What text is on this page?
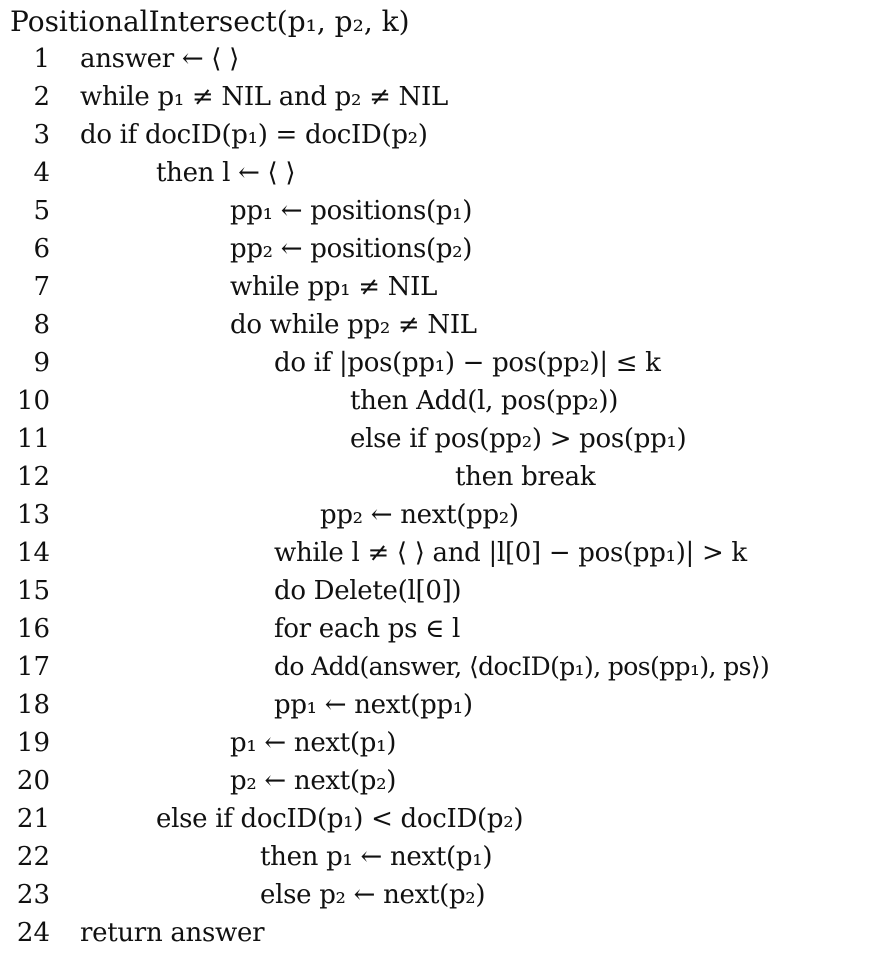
PositionalIntersect(p₁, p₂, k)
1 answer ← ⟨ ⟩
2 while p₁ ≠ NIL and p₂ ≠ NIL
3 do if docID(p₁) = docID(p₂)
4	then l ← ⟨ ⟩
5	pp₁ ← positions(p₁)
6	pp₂ ← positions(p₂)
7	while pp₁ ≠ NIL
8	do while pp₂ ≠ NIL
9	do if |pos(pp₁) − pos(pp₂)| ≤ k
10	then Add(l, pos(pp₂))
11	else if pos(pp₂) > pos(pp₁)
12	then break
13	pp₂ ← next(pp₂)
14	while l ≠ ⟨ ⟩ and |l[0] − pos(pp₁)| > k
15	do Delete(l[0])
16	for each ps ∈ l
17	do Add(answer, ⟨docID(p₁), pos(pp₁), ps⟩)
18	pp₁ ← next(pp₁)
19	p₁ ← next(p₁)
20	p₂ ← next(p₂)
21	else if docID(p₁) < docID(p₂)
22	then p₁ ← next(p₁)
23	else p₂ ← next(p₂)
24 return answer
